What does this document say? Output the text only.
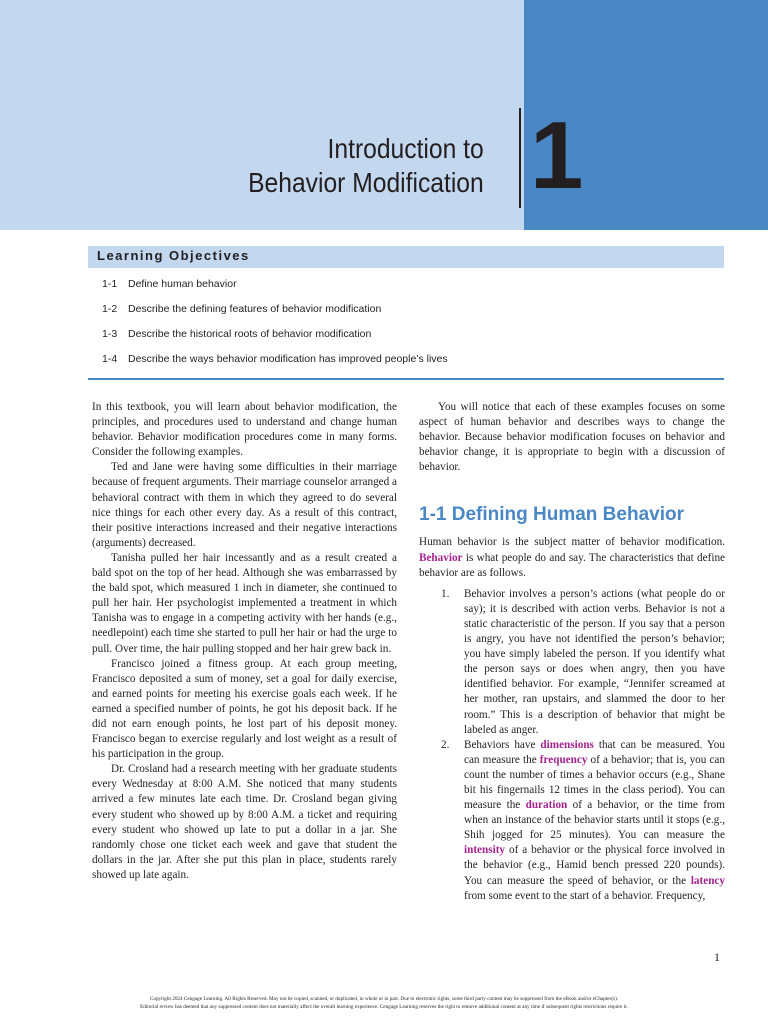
Introduction to
Behavior Modification 1
Learning Objectives
1-1 Define human behavior
1-2 Describe the defining features of behavior modification
1-3 Describe the historical roots of behavior modification
1-4 Describe the ways behavior modification has improved people’s lives

In this textbook, you will learn about behavior modification, the principles, and procedures used to understand and change human behavior. Behavior modification procedures come in many forms. Consider the following examples.

Ted and Jane were having some difficulties in their marriage because of frequent arguments. Their marriage counselor arranged a behavioral contract with them in which they agreed to do several nice things for each other every day. As a result of this contract, their positive interactions increased and their negative interactions (arguments) decreased.

Tanisha pulled her hair incessantly and as a result created a bald spot on the top of her head. Although she was embarrassed by the bald spot, which measured 1 inch in diameter, she continued to pull her hair. Her psychologist implemented a treatment in which Tanisha was to engage in a competing activity with her hands (e.g., needlepoint) each time she started to pull her hair or had the urge to pull. Over time, the hair pulling stopped and her hair grew back in.

Francisco joined a fitness group. At each group meeting, Francisco deposited a sum of money, set a goal for daily exercise, and earned points for meeting his exercise goals each week. If he earned a specified number of points, he got his deposit back. If he did not earn enough points, he lost part of his deposit money. Francisco began to exercise regularly and lost weight as a result of his participation in the group.

Dr. Crosland had a research meeting with her graduate students every Wednesday at 8:00 A.M. She noticed that many students arrived a few minutes late each time. Dr. Crosland began giving every student who showed up by 8:00 A.M. a ticket and requiring every student who showed up late to put a dollar in a jar. She randomly chose one ticket each week and gave that student the dollars in the jar. After she put this plan in place, students rarely showed up late again.

You will notice that each of these examples focuses on some aspect of human behavior and describes ways to change the behavior. Because behavior modification focuses on behavior and behavior change, it is appropriate to begin with a discussion of behavior.

1-1 Defining Human Behavior

Human behavior is the subject matter of behavior modification. Behavior is what people do and say. The characteristics that define behavior are as follows.

1. Behavior involves a person’s actions (what people do or say); it is described with action verbs. Behavior is not a static characteristic of the person. If you say that a person is angry, you have not identified the person’s behavior; you have simply labeled the person. If you identify what the person says or does when angry, then you have identified behavior. For example, “Jennifer screamed at her mother, ran upstairs, and slammed the door to her room.” This is a description of behavior that might be labeled as anger.
2. Behaviors have dimensions that can be measured. You can measure the frequency of a behavior; that is, you can count the number of times a behavior occurs (e.g., Shane bit his fingernails 12 times in the class period). You can measure the duration of a behavior, or the time from when an instance of the behavior starts until it stops (e.g., Shih jogged for 25 minutes). You can measure the intensity of a behavior or the physical force involved in the behavior (e.g., Hamid bench pressed 220 pounds). You can measure the speed of behavior, or the latency from some event to the start of a behavior. Frequency,
1
Copyright 2024 Cengage Learning. All Rights Reserved. May not be copied, scanned, or duplicated, in whole or in part. Due to electronic rights, some third party content may be suppressed from the eBook and/or eChapter(s).
Editorial review has deemed that any suppressed content does not materially affect the overall learning experience. Cengage Learning reserves the right to remove additional content at any time if subsequent rights restrictions require it.
